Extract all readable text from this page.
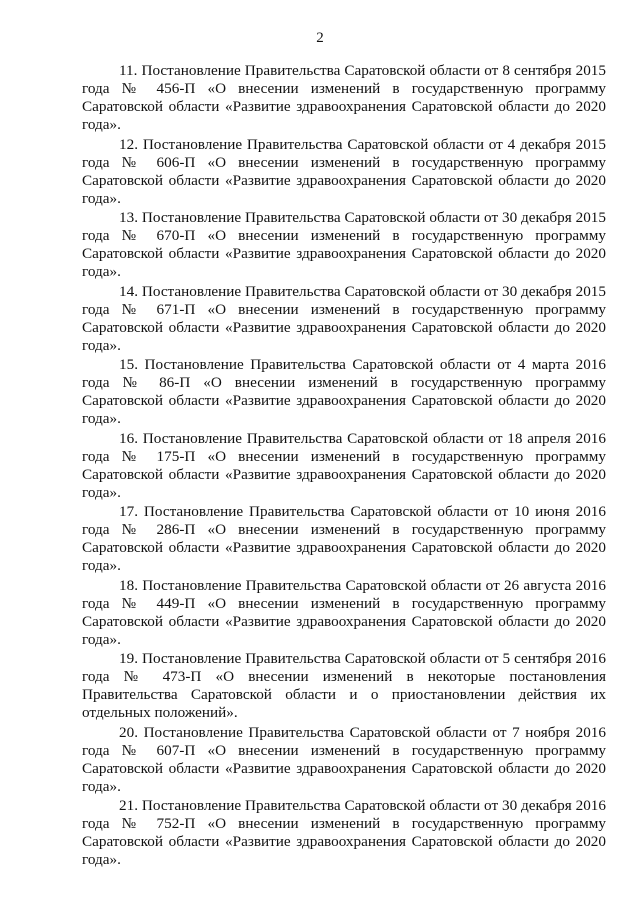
2

11. Постановление Правительства Саратовской области от 8 сентября 2015 года № 456-П «О внесении изменений в государственную программу Саратовской области «Развитие здравоохранения Саратовской области до 2020 года».

12. Постановление Правительства Саратовской области от 4 декабря 2015 года № 606-П «О внесении изменений в государственную программу Саратовской области «Развитие здравоохранения Саратовской области до 2020 года».

13. Постановление Правительства Саратовской области от 30 декабря 2015 года № 670-П «О внесении изменений в государственную программу Саратовской области «Развитие здравоохранения Саратовской области до 2020 года».

14. Постановление Правительства Саратовской области от 30 декабря 2015 года № 671-П «О внесении изменений в государственную программу Саратовской области «Развитие здравоохранения Саратовской области до 2020 года».

15. Постановление Правительства Саратовской области от 4 марта 2016 года № 86-П «О внесении изменений в государственную программу Саратовской области «Развитие здравоохранения Саратовской области до 2020 года».

16. Постановление Правительства Саратовской области от 18 апреля 2016 года № 175-П «О внесении изменений в государственную программу Саратовской области «Развитие здравоохранения Саратовской области до 2020 года».

17. Постановление Правительства Саратовской области от 10 июня 2016 года № 286-П «О внесении изменений в государственную программу Саратовской области «Развитие здравоохранения Саратовской области до 2020 года».

18. Постановление Правительства Саратовской области от 26 августа 2016 года № 449-П «О внесении изменений в государственную программу Саратовской области «Развитие здравоохранения Саратовской области до 2020 года».

19. Постановление Правительства Саратовской области от 5 сентября 2016 года № 473-П «О внесении изменений в некоторые постановления Правительства Саратовской области и о приостановлении действия их отдельных положений».

20. Постановление Правительства Саратовской области от 7 ноября 2016 года № 607-П «О внесении изменений в государственную программу Саратовской области «Развитие здравоохранения Саратовской области до 2020 года».

21. Постановление Правительства Саратовской области от 30 декабря 2016 года № 752-П «О внесении изменений в государственную программу Саратовской области «Развитие здравоохранения Саратовской области до 2020 года».
